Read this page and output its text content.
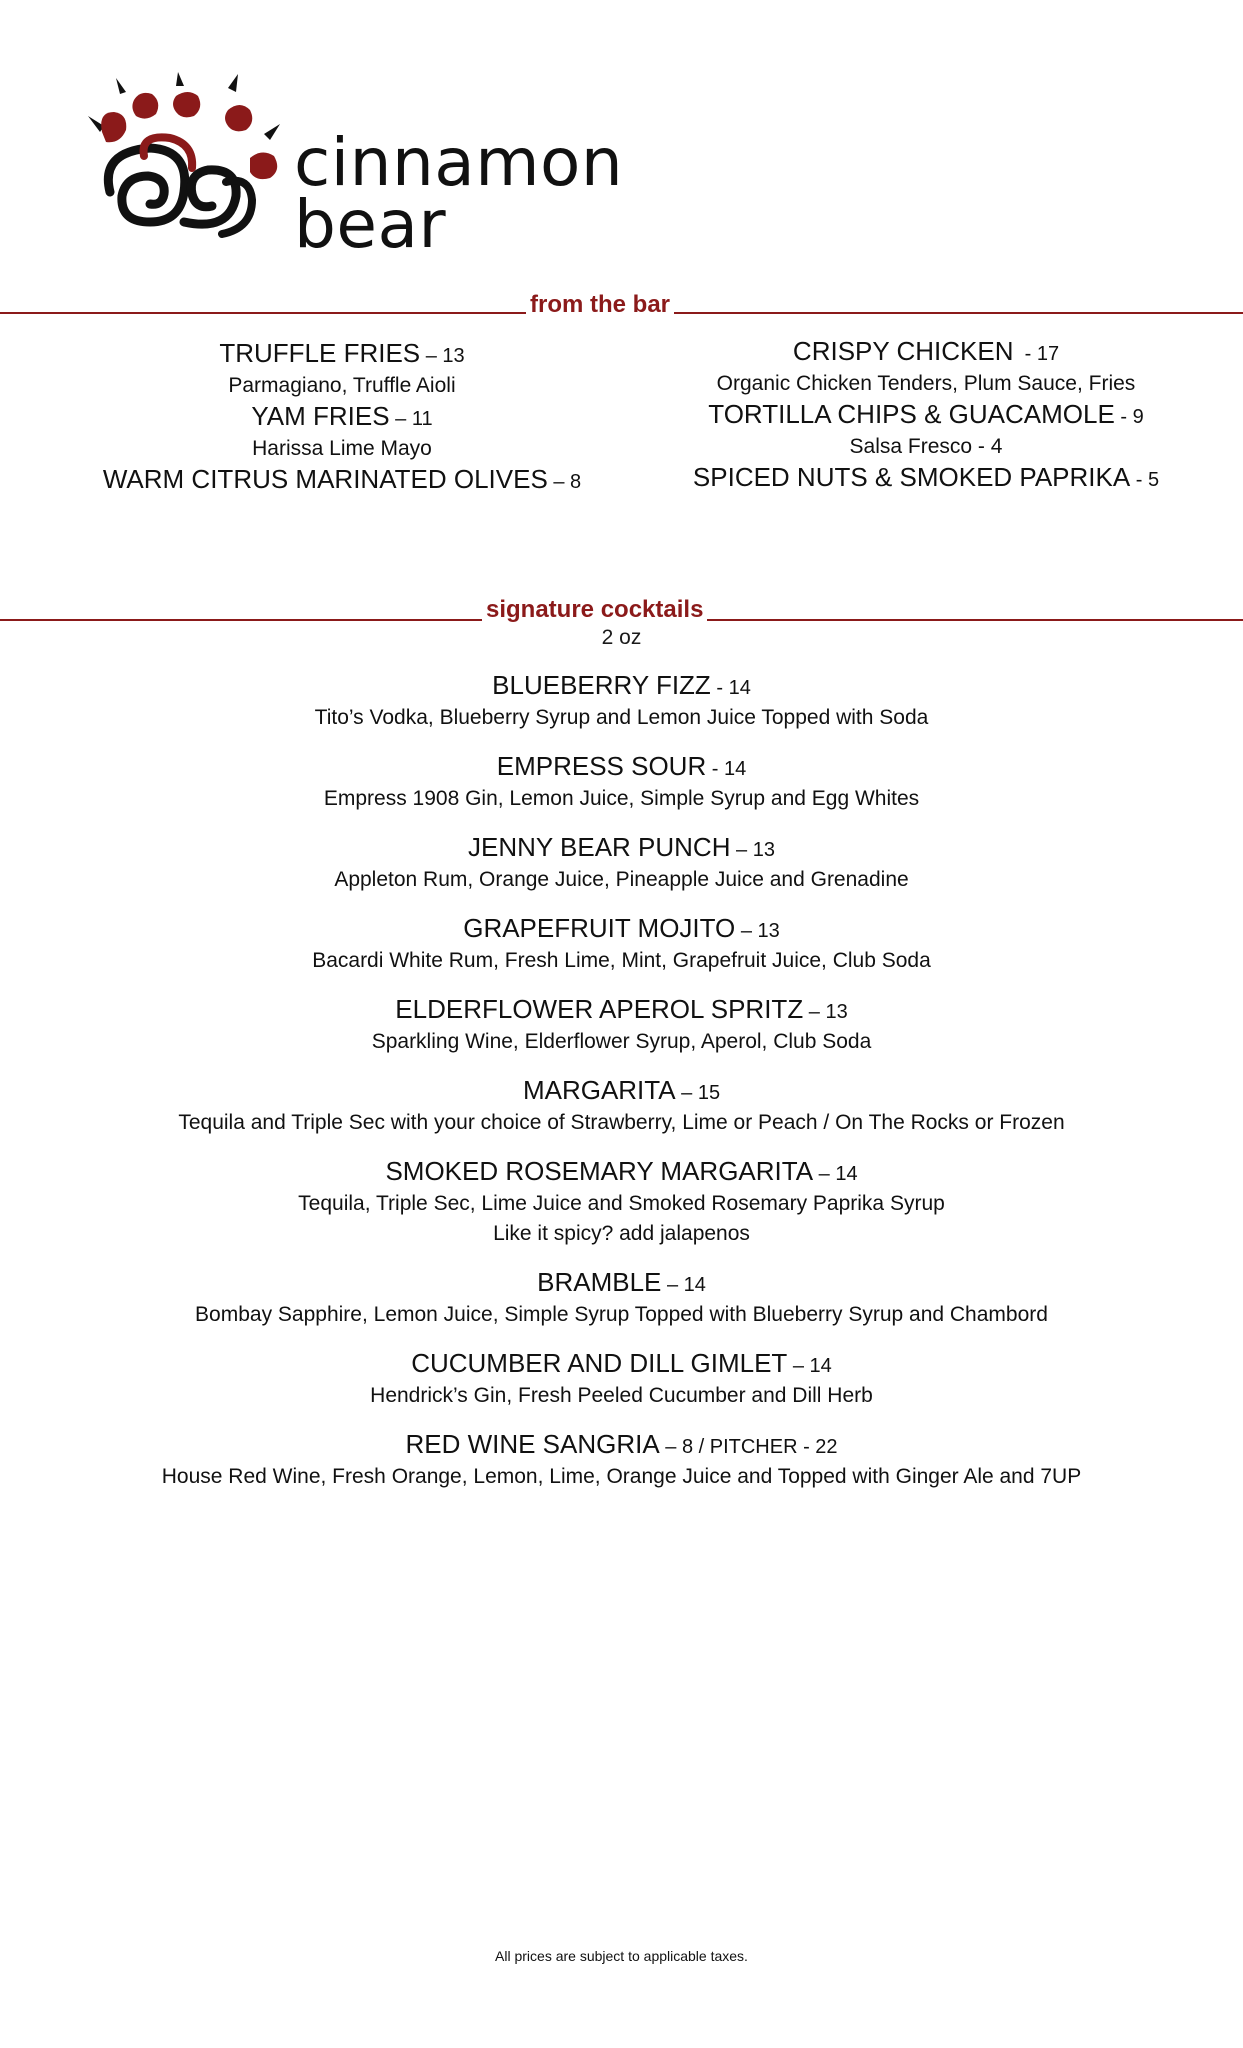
cinnamon
bear
from the bar
TRUFFLE FRIES – 13
Parmagiano, Truffle Aioli
YAM FRIES – 11
Harissa Lime Mayo
WARM CITRUS MARINATED OLIVES – 8
CRISPY CHICKEN  - 17
Organic Chicken Tenders, Plum Sauce, Fries
TORTILLA CHIPS & GUACAMOLE - 9
Salsa Fresco - 4
SPICED NUTS & SMOKED PAPRIKA - 5
signature cocktails
2 oz
BLUEBERRY FIZZ - 14
Tito’s Vodka, Blueberry Syrup and Lemon Juice Topped with Soda
EMPRESS SOUR - 14
Empress 1908 Gin, Lemon Juice, Simple Syrup and Egg Whites
JENNY BEAR PUNCH – 13
Appleton Rum, Orange Juice, Pineapple Juice and Grenadine
GRAPEFRUIT MOJITO – 13
Bacardi White Rum, Fresh Lime, Mint, Grapefruit Juice, Club Soda
ELDERFLOWER APEROL SPRITZ – 13
Sparkling Wine, Elderflower Syrup, Aperol, Club Soda
MARGARITA – 15
Tequila and Triple Sec with your choice of Strawberry, Lime or Peach / On The Rocks or Frozen
SMOKED ROSEMARY MARGARITA – 14
Tequila, Triple Sec, Lime Juice and Smoked Rosemary Paprika Syrup
Like it spicy? add jalapenos
BRAMBLE – 14
Bombay Sapphire, Lemon Juice, Simple Syrup Topped with Blueberry Syrup and Chambord
CUCUMBER AND DILL GIMLET – 14
Hendrick’s Gin, Fresh Peeled Cucumber and Dill Herb
RED WINE SANGRIA – 8 / PITCHER - 22
House Red Wine, Fresh Orange, Lemon, Lime, Orange Juice and Topped with Ginger Ale and 7UP
All prices are subject to applicable taxes.
